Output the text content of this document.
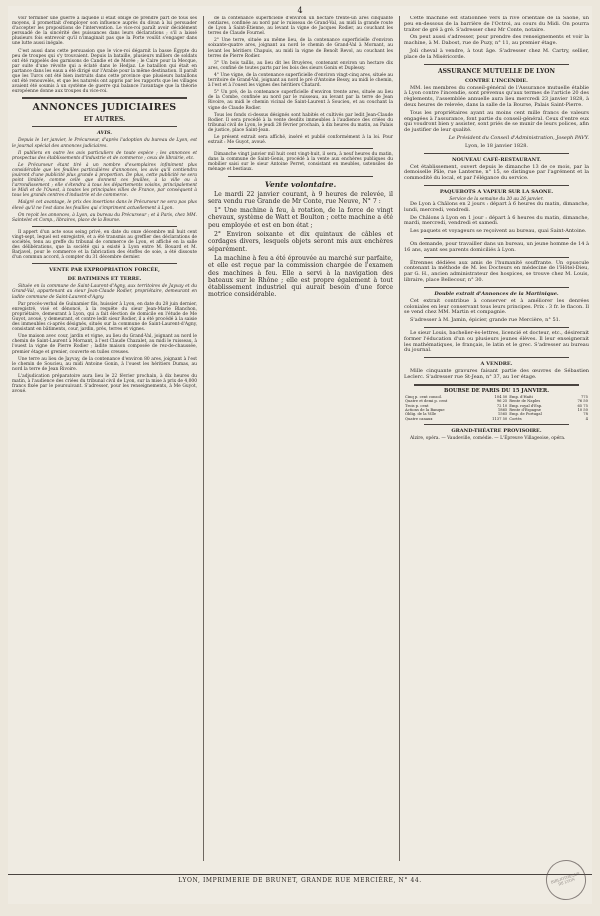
4

voir terminer une guerre à laquelle il était obligé de prendre part de tous ses moyens, il promettait d'employer son influence auprès du divan à lui persuader d'accepter les propositions de l'intervention. Le vice-roi paraît avoir décidément persuadé de la sincérité des puissances dans leurs déclarations ; s'il a laissé plusieurs fois entrevoir qu'il n'imaginait pas que la Porte voulût s'engager dans une lutte aussi inégale.

C'est aussi dans cette persuasion que le vice-roi dégarnit la basse Égypte du peu de troupes qui s'y trouvaient. Depuis la bataille, plusieurs milliers de soldats ont été rappelés des garnisons de Candie et de Morée ; le Caire pour la Mecque, par suite d'une révolte qui a éclaté dans le Hedjaz. Le bataillon qui était en partance dans les eaux a été dirigé sur l'Arabie pour la même destination. Il paraît que les Turcs ont été bien instruits dans cette province que plusieurs bataillons ont été renouvelés, et que les naturels ont appris par les rapports que les villages avaient été soumis à un système de guerre qui balance l'avantage que la théorie européenne donne aux troupes du vice-roi.

ANNONCES JUDICIAIRES
ET AUTRES.
AVIS.

Depuis le 1er janvier, le Précurseur, d'après l'adoption du bureau de Lyon, est le journal spécial des annonces judiciaires.

Il publiera en outre les avis particuliers de toute espèce ; les annonces et prospectus des établissements d'industrie et de commerce ; ceux de librairie, etc.

Le Précurseur étant tiré à un nombre d'exemplaires infiniment plus considérable que les feuilles particulières d'annonces, les avis qu'il contiendra jouiront d'une publicité plus grande à proportion. De plus, cette publicité ne sera point limitée, comme celle que donnent ces feuilles, à la ville ou à l'arrondissement ; elle s'étendra à tous les départements voisins, principalement le Midi et de l'Ouest, à toutes les principales villes de France, par conséquent à tous les grands centres d'industrie et de commerce.

Malgré cet avantage, le prix des insertions dans le Précurseur ne sera pas plus élevé qu'il ne l'est dans les feuilles qui s'impriment actuellement à Lyon.

On reçoit les annonces, à Lyon, au bureau du Précurseur ; et à Paris, chez MM. Saintelet et Comp., libraires, place de la Bourse.

Il appert d'un acte sous seing privé, en date du onze décembre mil huit cent vingt-sept, lequel est enregistré, et a été transmis au greffier des déclarations de sociétés, tenu au greffe du tribunal de commerce de Lyon, et affiché en la salle des délibérations, que la société qui a existé à Lyon entre M. Bouard et M. Barjavel, pour le commerce et la fabrication des étoffes de soie, a été dissoute d'un commun accord, à compter du 31 décembre dernier.

VENTE PAR EXPROPRIATION FORCÉE,
DE BATIMENS ET TERRE.

Située en la commune de Saint-Laurent-d'Agny, aux territoires de Jayvay et du Grand-Val, appartenant au sieur Jean-Claude Rodier, propriétaire, demeurant en ladite commune de Saint-Laurent-d'Agny.

Par procès-verbal de Guinamier fils, huissier à Lyon, en date du 28 juin dernier, enregistré, visé et dénoncé, à la requête du sieur Jean-Marie Blanchon, propriétaire, demeurant à Lyon, qui a fait élection de domicile en l'étude de Me Guyot, avoué, y demeurant, et contre ledit sieur Rodier, il a été procédé à la saisie des immeubles ci-après désignés, situés sur la commune de Saint-Laurent-d'Agny, consistant en bâtiments, cour, jardin, prés, terres et vignes.

Une maison avec cour, jardin et vigne, au lieu du Grand-Val, joignant au nord le chemin de Saint-Laurent à Mornant, à l'est Claude Chazalet, au midi le ruisseau, à l'ouest la vigne de Pierre Rodier ; ladite maison composée de rez-de-chaussée, premier étage et grenier, couverte en tuiles creuses.

Une terre au lieu de Jayvay, de la contenance d'environ 80 ares, joignant à l'est le chemin de Soucieu, au midi Antoine Gonin, à l'ouest les héritiers Dumas, au nord la terre de Jean Rivoire.

L'adjudication préparatoire aura lieu le 22 février prochain, à dix heures du matin, à l'audience des criées du tribunal civil de Lyon, sur la mise à prix de 4,000 francs fixée par le poursuivant. S'adresser, pour les renseignements, à Me Guyot, avoué.

de la contenance superficielle d'environ un hectare trente-un ares cinquante centiares, confinée au nord par le ruisseau de Grand-Val, au midi la grande route de Lyon à Saint-Étienne, au levant la vigne de Jacques Rodier, au couchant les terres de Claude Fournel.

2° Une terre, située au même lieu, de la contenance superficielle d'environ soixante-quatre ares, joignant au nord le chemin de Grand-Val à Mornant, au levant les héritiers Chapuis, au midi la vigne de Benoît Revol, au couchant les terres de Pierre Rodier.

3° Un bois taillis, au lieu dit les Bruyères, contenant environ un hectare dix ares, confiné de toutes parts par les bois des sieurs Gonin et Duplessy.

4° Une vigne, de la contenance superficielle d'environ vingt-cinq ares, située au territoire de Grand-Val, joignant au nord le pré d'Antoine Bessy, au midi le chemin, à l'est et à l'ouest les vignes des héritiers Chatard.

5° Un pré, de la contenance superficielle d'environ trente ares, située au lieu de la Combe, confinée au nord par le ruisseau, au levant par la terre de Jean Rivoire, au midi le chemin vicinal de Saint-Laurent à Soucieu, et au couchant la vigne de Claude Rodier.

Tous les fonds ci-dessus désignés sont habités et cultivés par ledit Jean-Claude Rodier. Il sera procédé à la vente desdits immeubles à l'audience des criées du tribunal civil de Lyon, le jeudi 28 février prochain, à dix heures du matin, au Palais de justice, place Saint-Jean.

Le présent extrait sera affiché, inséré et publié conformément à la loi. Pour extrait : Me Guyot, avoué.

Dimanche vingt janvier mil huit cent vingt-huit, il sera, à neuf heures du matin, dans la commune de Saint-Genis, procédé à la vente aux enchères publiques du mobilier saisi sur le sieur Antoine Perret, consistant en meubles, ustensiles de ménage et bestiaux.

Vente volontaire.

Le mardi 22 janvier courant, à 9 heures de relevée, il sera vendu rue Grande de Mr Conte, rue Neuve, N° 7 :

1° Une machine à feu, à rotation, de la force de vingt chevaux, système de Watt et Boulton ; cette machine a été peu employée et est en bon état ;

2° Environ soixante et dix quintaux de câbles et cordages divers, lesquels objets seront mis aux enchères séparément.

La machine à feu a été éprouvée au marché sur parfaite, et elle est reçue par la commission chargée de l'examen des machines à feu. Elle a servi à la navigation des bateaux sur le Rhône ; elle est propre également à tout établissement industriel qui aurait besoin d'une force motrice considérable.

Cette machine est stationnée vers la rive orientale de la Saône, un peu en-dessous de la barrière de l'Octroi, au cours du Midi. On pourra traiter de gré à gré. S'adresser chez Mr Conte, notaire.

On peut aussi s'adresser, pour prendre des renseignements et voir la machine, à M. Dabost, rue de Puzy, n° 11, au premier étage.

Joli cheval à vendre, à tout âge. S'adresser chez M. Cartry, sellier, place de la Miséricorde.

ASSURANCE MUTUELLE DE LYON
CONTRE L'INCENDIE.

MM. les membres du conseil-général de l'Assurance mutuelle établie à Lyon contre l'incendie, sont prévenus qu'aux termes de l'article 20 des règlements, l'assemblée annuelle aura lieu mercredi 23 janvier 1828, à deux heures de relevée, dans la salle de la Bourse, Palais Saint-Pierre.

Tous les propriétaires ayant au moins cent mille francs de valeurs engagées à l'assurance, font partie du conseil-général. Ceux d'entre eux qui voudront bien y assister, sont priés de se munir de leurs polices, afin de justifier de leur qualité.

Le Président du Conseil d'Administration, Joseph PAVY.

Lyon, le 18 janvier 1828.

NOUVEAU CAFÉ-RESTAURANT.

Cet établissement, ouvert depuis le dimanche 13 de ce mois, par la demoiselle Pâle, rue Lanterne, n° 15, se distingue par l'agrément et la commodité du local, et par l'élégance du service.

PAQUEBOTS A VAPEUR SUR LA SAONE.
Service de la semaine du 20 au 26 janvier.

De Lyon à Châlons en 2 jours : départ à 6 heures du matin, dimanche, lundi, mercredi, vendredi.

De Châlons à Lyon en 1 jour : départ à 6 heures du matin, dimanche, mardi, mercredi, vendredi et samedi.

Les paquets et voyageurs se reçoivent au bureau, quai Saint-Antoine.

On demande, pour travailler dans un bureau, un jeune homme de 14 à 16 ans, ayant ses parents domiciliés à Lyon.

Étrennes dédiées aux amis de l'humanité souffrante. Un opuscule contenant la méthode de M. les Docteurs en médecine de l'Hôtel-Dieu, par G. H., ancien administrateur des hospices, se trouve chez M. Louis, libraire, place Bellecour, n° 30.

Double extrait d'Annonces de la Martinique.

Cet extrait contribue à conserver et à améliorer les denrées coloniales en leur conservant tous leurs principes. Prix : 3 fr. le flacon. Il se vend chez MM. Martin et compagnie.

S'adresser à M. Jamin, épicier, grande rue Mercière, n° 51.

Le sieur Louis, bachelier-ès-lettres, licencié et docteur, etc., désirerait former l'éducation d'un ou plusieurs jeunes élèves. Il leur enseignerait les mathématiques, le français, le latin et le grec. S'adresser au bureau du journal.

A VENDRE.

Mille cinquante gravures faisant partie des œuvres de Sébastien Leclerc. S'adresser rue St-Jean, n° 37, au 1er étage.

BOURSE DE PARIS DU 15 JANVIER.
Cinq p. cent consol.	104 50	Emp. d'Haïti	775
Quatre et demi p. cent	96 25	Rente de Naples	76 50
Trois p. cent	72 10	Emp. royal d'Esp.	65 75
Actions de la Banque	1865	Rente d'Espagne	10 50
Oblig. de la Ville	1565	Emp. de Portugal	78
Quatre canaux	1137 50	Cortès	4
GRAND-THÉATRE PROVISOIRE.

Alzire, opéra. — Vaudeville, comédie. — L'Épreuve Villageoise, opéra.

LYON, IMPRIMERIE DE BRUNET, GRANDE RUE MERCIÈRE, N° 44.	BIBLIOTHÈQUE DE LYON
